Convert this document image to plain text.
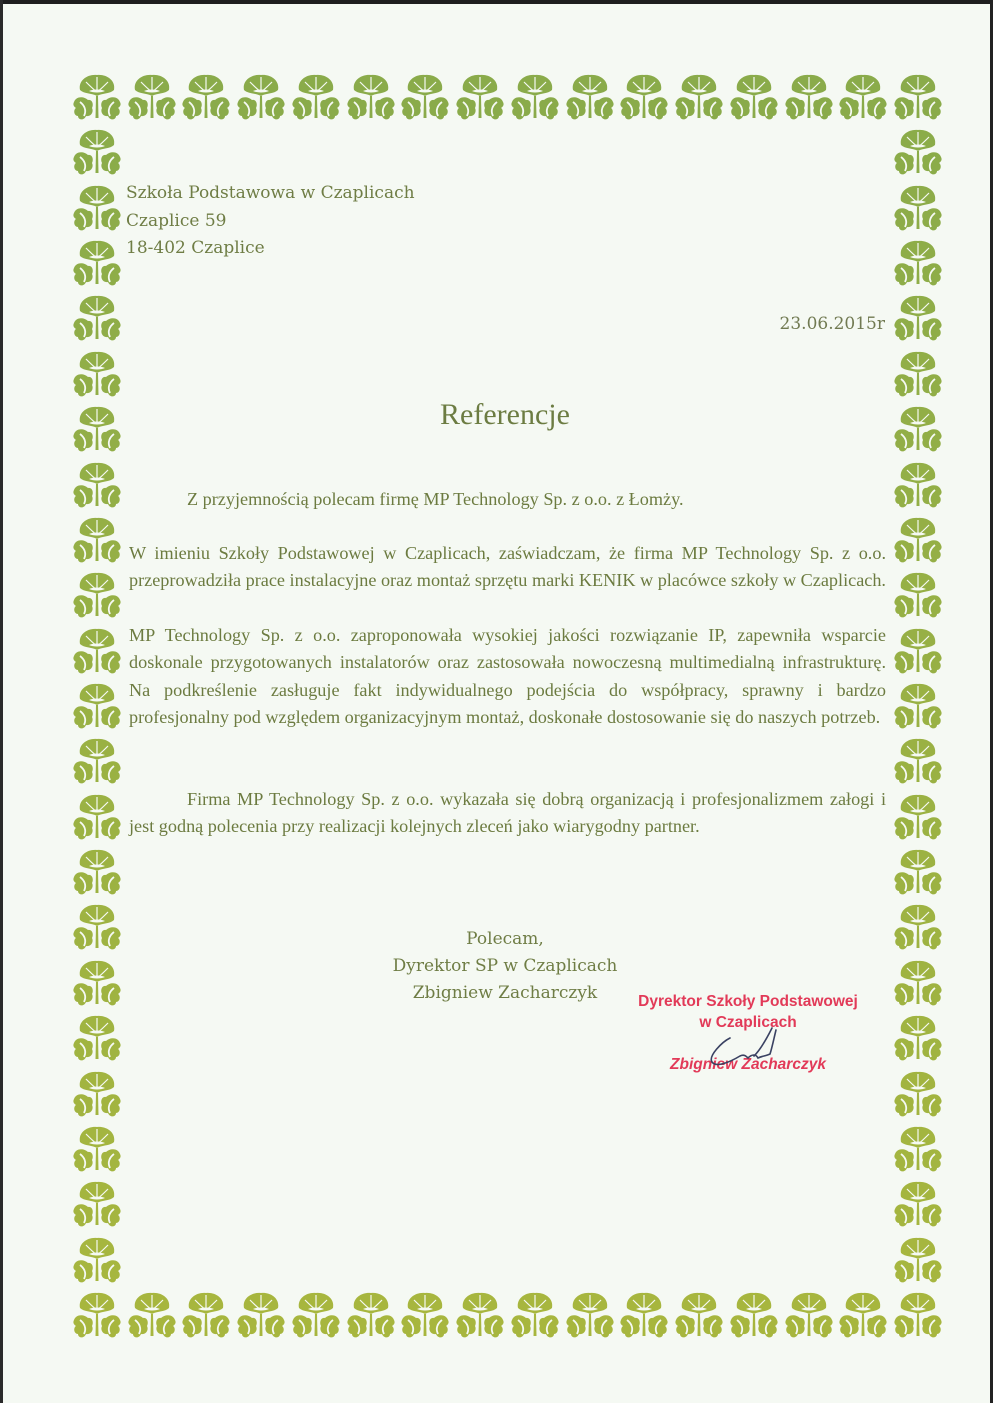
Szkoła Podstawowa w Czaplicach
Czaplice 59
18-402 Czaplice
23.06.2015r
Referencje
Z przyjemnością polecam firmę MP Technology Sp. z o.o. z Łomży.
W imieniu Szkoły Podstawowej w Czaplicach, zaświadczam, że firma MP Technology Sp. z o.o. przeprowadziła prace instalacyjne oraz montaż sprzętu marki KENIK w placówce szkoły w Czaplicach.
MP Technology Sp. z o.o. zaproponowała wysokiej jakości rozwiązanie IP, zapewniła wsparcie doskonale przygotowanych instalatorów oraz zastosowała nowoczesną multimedialną infrastrukturę. Na podkreślenie zasługuje fakt indywidualnego podejścia do współpracy, sprawny i bardzo profesjonalny pod względem organizacyjnym montaż, doskonałe dostosowanie się do naszych potrzeb.
Firma MP Technology Sp. z o.o. wykazała się dobrą organizacją i profesjonalizmem załogi i jest godną polecenia przy realizacji kolejnych zleceń jako wiarygodny partner.
Polecam,
Dyrektor SP w Czaplicach
Zbigniew Zacharczyk	Dyrektor Szkoły Podstawowej
w Czaplicach
Zbigniew Zacharczyk
